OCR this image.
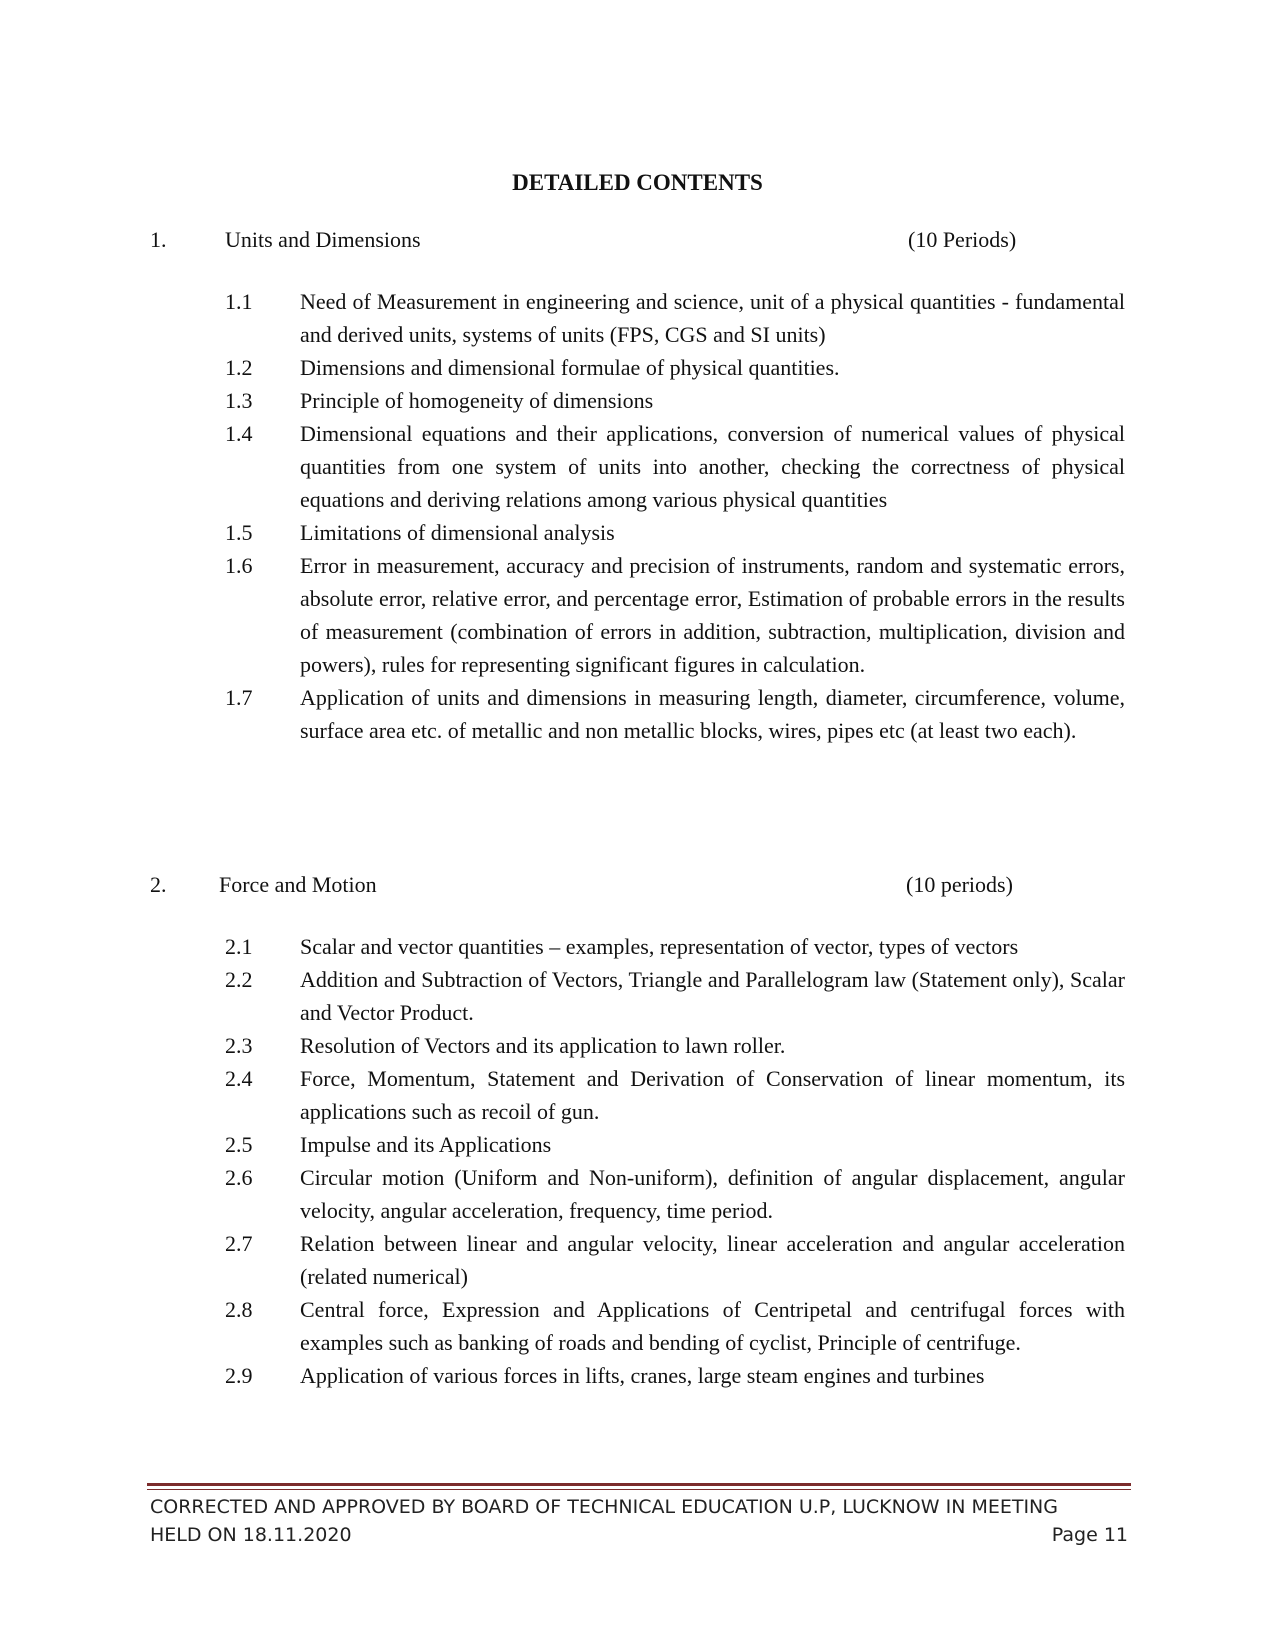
DETAILED CONTENTS
1.	Units and Dimensions	(10 Periods)
1.1 Need of Measurement in engineering and science, unit of a physical quantities - fundamental and derived units, systems of units (FPS, CGS and SI units)
1.2 Dimensions and dimensional formulae of physical quantities.
1.3 Principle of homogeneity of dimensions
1.4 Dimensional equations and their applications, conversion of numerical values of physical quantities from one system of units into another, checking the correctness of physical equations and deriving relations among various physical quantities
1.5 Limitations of dimensional analysis
1.6 Error in measurement, accuracy and precision of instruments, random and systematic errors, absolute error, relative error, and percentage error, Estimation of probable errors in the results of measurement (combination of errors in addition, subtraction, multiplication, division and powers), rules for representing significant figures in calculation.
1.7 Application of units and dimensions in measuring length, diameter, circumference, volume, surface area etc. of metallic and non metallic blocks, wires, pipes etc (at least two each).
2. Force and Motion	(10 periods)
2.1 Scalar and vector quantities – examples, representation of vector, types of vectors
2.2 Addition and Subtraction of Vectors, Triangle and Parallelogram law (Statement only), Scalar and Vector Product.
2.3 Resolution of Vectors and its application to lawn roller.
2.4 Force, Momentum, Statement and Derivation of Conservation of linear momentum, its applications such as recoil of gun.
2.5 Impulse and its Applications
2.6 Circular motion (Uniform and Non-uniform), definition of angular displacement, angular velocity, angular acceleration, frequency, time period.
2.7 Relation between linear and angular velocity, linear acceleration and angular acceleration (related numerical)
2.8 Central force, Expression and Applications of Centripetal and centrifugal forces with examples such as banking of roads and bending of cyclist, Principle of centrifuge.
2.9 Application of various forces in lifts, cranes, large steam engines and turbines
CORRECTED AND APPROVED BY BOARD OF TECHNICAL EDUCATION U.P, LUCKNOW IN MEETING
HELD ON 18.11.2020	Page 11
